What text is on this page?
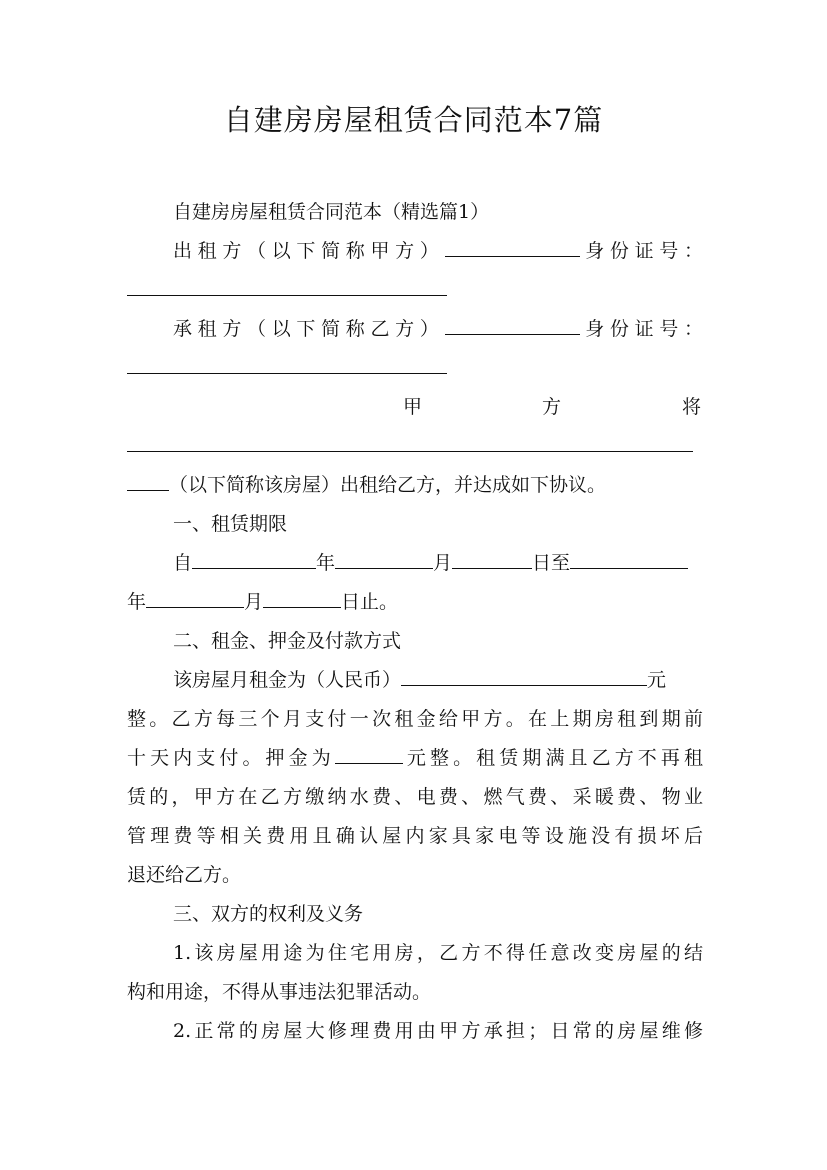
自建房房屋租赁合同范本7篇
自建房房屋租赁合同范本（精选篇1）
出租方（以下简称甲方）	身份证号：
承租方（以下简称乙方）	身份证号：
甲	方	将
（以下简称该房屋）出租给乙方，并达成如下协议。
一、租赁期限
自	年	月	日至
年	月	日止。
二、租金、押金及付款方式
该房屋月租金为（人民币）	元
整。乙方每三个月支付一次租金给甲方。在上期房租到期前
十天内支付。押金为	元整。租赁期满且乙方不再租
赁的，甲方在乙方缴纳水费、电费、燃气费、采暖费、物业
管理费等相关费用且确认屋内家具家电等设施没有损坏后
退还给乙方。
三、双方的权利及义务
1.该房屋用途为住宅用房，乙方不得任意改变房屋的结
构和用途，不得从事违法犯罪活动。
2.正常的房屋大修理费用由甲方承担；日常的房屋维修
